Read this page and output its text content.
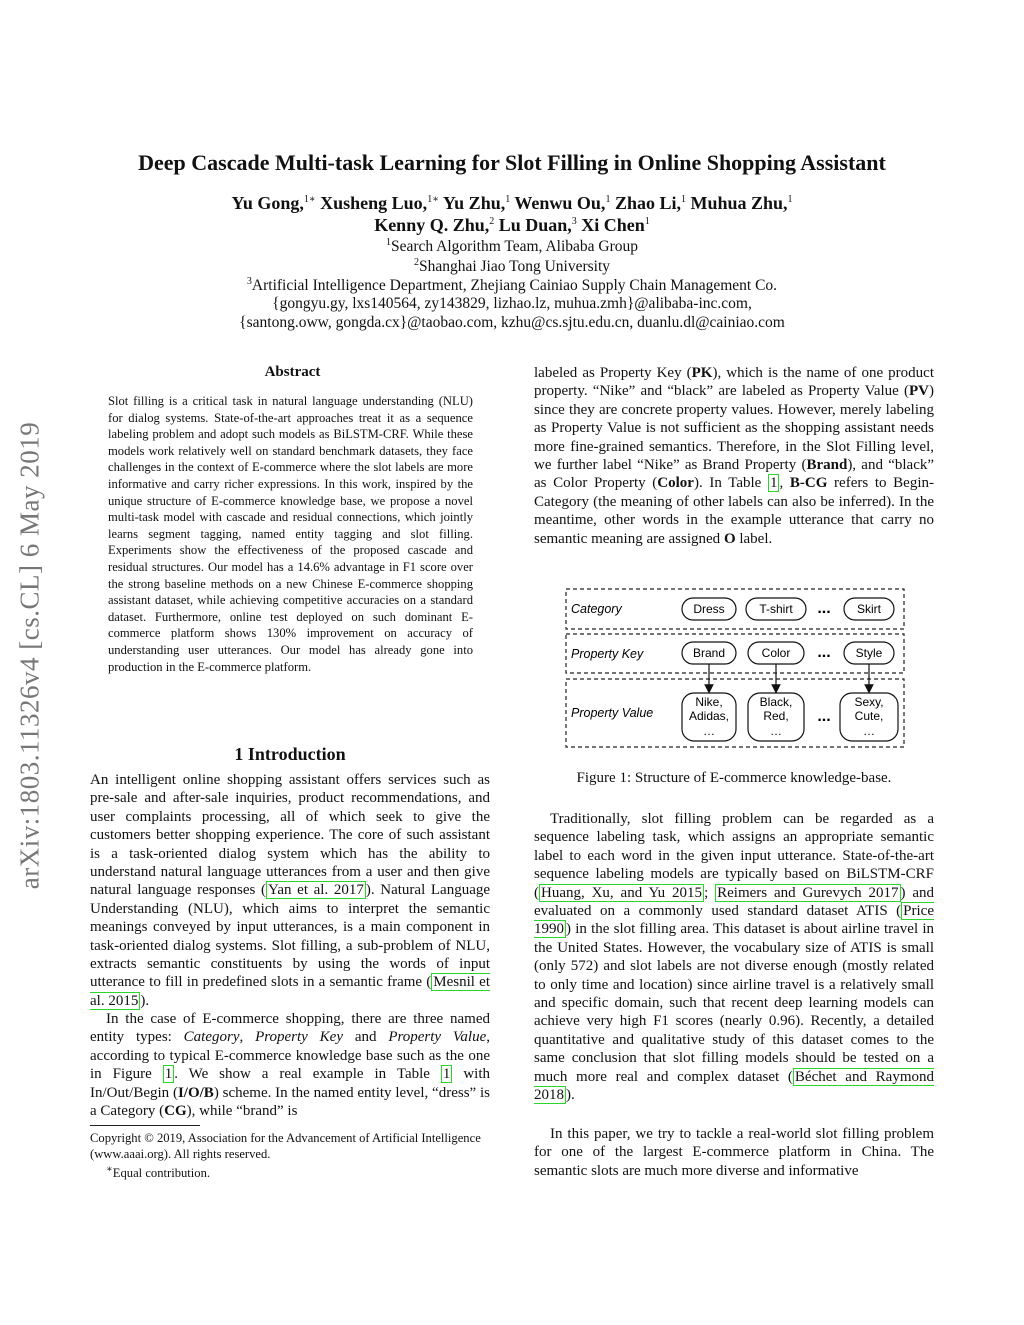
arXiv:1803.11326v4 [cs.CL] 6 May 2019
Deep Cascade Multi-task Learning for Slot Filling in Online Shopping Assistant
Yu Gong,$^{1∗}$ Xusheng Luo,$^{1∗}$ Yu Zhu,$^1$ Wenwu Ou,$^1$ Zhao Li,$^1$ Muhua Zhu,$^1$
Kenny Q. Zhu,$^2$ Lu Duan,$^3$ Xi Chen$^1$
$^1$Search Algorithm Team, Alibaba Group
$^2$Shanghai Jiao Tong University
$^3$Artificial Intelligence Department, Zhejiang Cainiao Supply Chain Management Co.
{gongyu.gy, lxs140564, zy143829, lizhao.lz, muhua.zmh}@alibaba-inc.com,
{santong.oww, gongda.cx}@taobao.com, kzhu@cs.sjtu.edu.cn, duanlu.dl@cainiao.com
Abstract
Slot filling is a critical task in natural language understanding (NLU) for dialog systems. State-of-the-art approaches treat it as a sequence labeling problem and adopt such models as BiLSTM-CRF. While these models work relatively well on standard benchmark datasets, they face challenges in the context of E-commerce where the slot labels are more informative and carry richer expressions. In this work, inspired by the unique structure of E-commerce knowledge base, we propose a novel multi-task model with cascade and residual connections, which jointly learns segment tagging, named entity tagging and slot filling. Experiments show the effectiveness of the proposed cascade and residual structures. Our model has a 14.6% advantage in F1 score over the strong baseline methods on a new Chinese E-commerce shopping assistant dataset, while achieving competitive accuracies on a standard dataset. Furthermore, online test deployed on such dominant E-commerce platform shows 130% improvement on accuracy of understanding user utterances. Our model has already gone into production in the E-commerce platform.
1 Introduction
An intelligent online shopping assistant offers services such as pre-sale and after-sale inquiries, product recommendations, and user complaints processing, all of which seek to give the customers better shopping experience. The core of such assistant is a task-oriented dialog system which has the ability to understand natural language utterances from a user and then give natural language responses ( Yan et al. 2017 ). Natural Language Understanding (NLU), which aims to interpret the semantic meanings conveyed by input utterances, is a main component in task-oriented dialog systems. Slot filling, a sub-problem of NLU, extracts semantic constituents by using the words of input utterance to fill in predefined slots in a semantic frame ( Mesnil et al. 2015 ).
In the case of E-commerce shopping, there are three named entity types: Category, Property Key and Property Value, according to typical E-commerce knowledge base such as the one in Figure 1 . We show a real example in Table 1 with In/Out/Begin (I/O/B) scheme. In the named entity level, “dress” is a Category (CG), while “brand” is
Copyright © 2019, Association for the Advancement of Artificial Intelligence (www.aaai.org). All rights reserved.
∗Equal contribution.
labeled as Property Key (PK), which is the name of one product property. “Nike” and “black” are labeled as Property Value (PV) since they are concrete property values. However, merely labeling as Property Value is not sufficient as the shopping assistant needs more fine-grained semantics. Therefore, in the Slot Filling level, we further label “Nike” as Brand Property (Brand), and “black” as Color Property (Color). In Table 1 , B-CG refers to Begin-Category (the meaning of other labels can also be inferred). In the meantime, other words in the example utterance that carry no semantic meaning are assigned O label.
Category
Property Key
Property Value
Dress	T-shirt	Skirt
Brand	Color	Style
Nike,
Adidas,
…
Black,
Red,
…
Sexy,
Cute,
…
...
...
...
Figure 1: Structure of E-commerce knowledge-base.
Traditionally, slot filling problem can be regarded as a sequence labeling task, which assigns an appropriate semantic label to each word in the given input utterance. State-of-the-art sequence labeling models are typically based on BiLSTM-CRF ( Huang, Xu, and Yu 2015 ; Reimers and Gurevych 2017 ) and evaluated on a commonly used standard dataset ATIS ( Price 1990 ) in the slot filling area. This dataset is about airline travel in the United States. However, the vocabulary size of ATIS is small (only 572) and slot labels are not diverse enough (mostly related to only time and location) since airline travel is a relatively small and specific domain, such that recent deep learning models can achieve very high F1 scores (nearly 0.96). Recently, a detailed quantitative and qualitative study of this dataset comes to the same conclusion that slot filling models should be tested on a much more real and complex dataset ( Béchet and Raymond 2018 ).
In this paper, we try to tackle a real-world slot filling problem for one of the largest E-commerce platform in China. The semantic slots are much more diverse and informative
